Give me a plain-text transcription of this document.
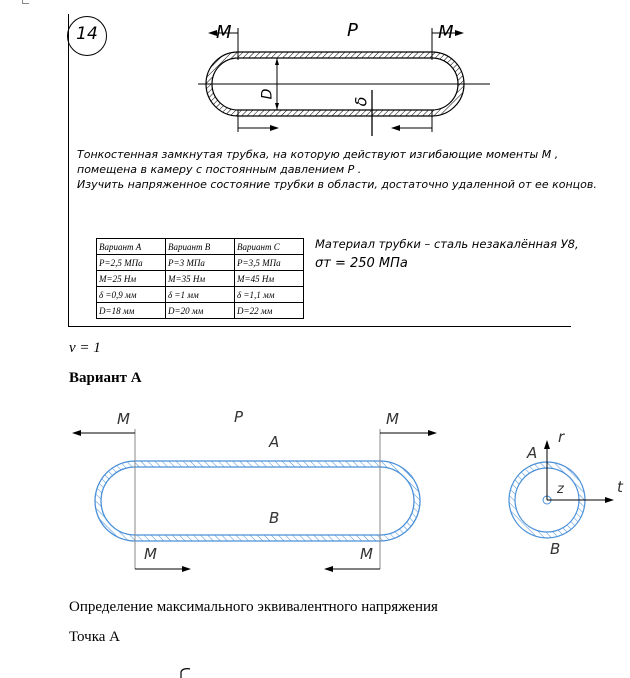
14	M	P	M
D
δ
Тонкостенная замкнутая трубка, на которую действуют изгибающие моменты M ,
помещена в камеру с постоянным давлением P .
Изучить напряженное состояние трубки в области, достаточно удаленной от ее концов.
Вариант А	Вариант В	Вариант С
P=2,5 МПа	P=3 МПа	P=3,5 МПа
M=25 Нм	M=35 Нм	M=45 Нм
δ =0,9 мм	δ =1 мм	δ =1,1 мм
D=18 мм	D=20 мм	D=22 мм
Материал трубки – сталь незакалённая У8,
σт = 250 МПа
ν = 1
Вариант А
M	P	M
A
B
M	M
A
r
z	t
B
Определение максимального эквивалентного напряжения
Точка А
